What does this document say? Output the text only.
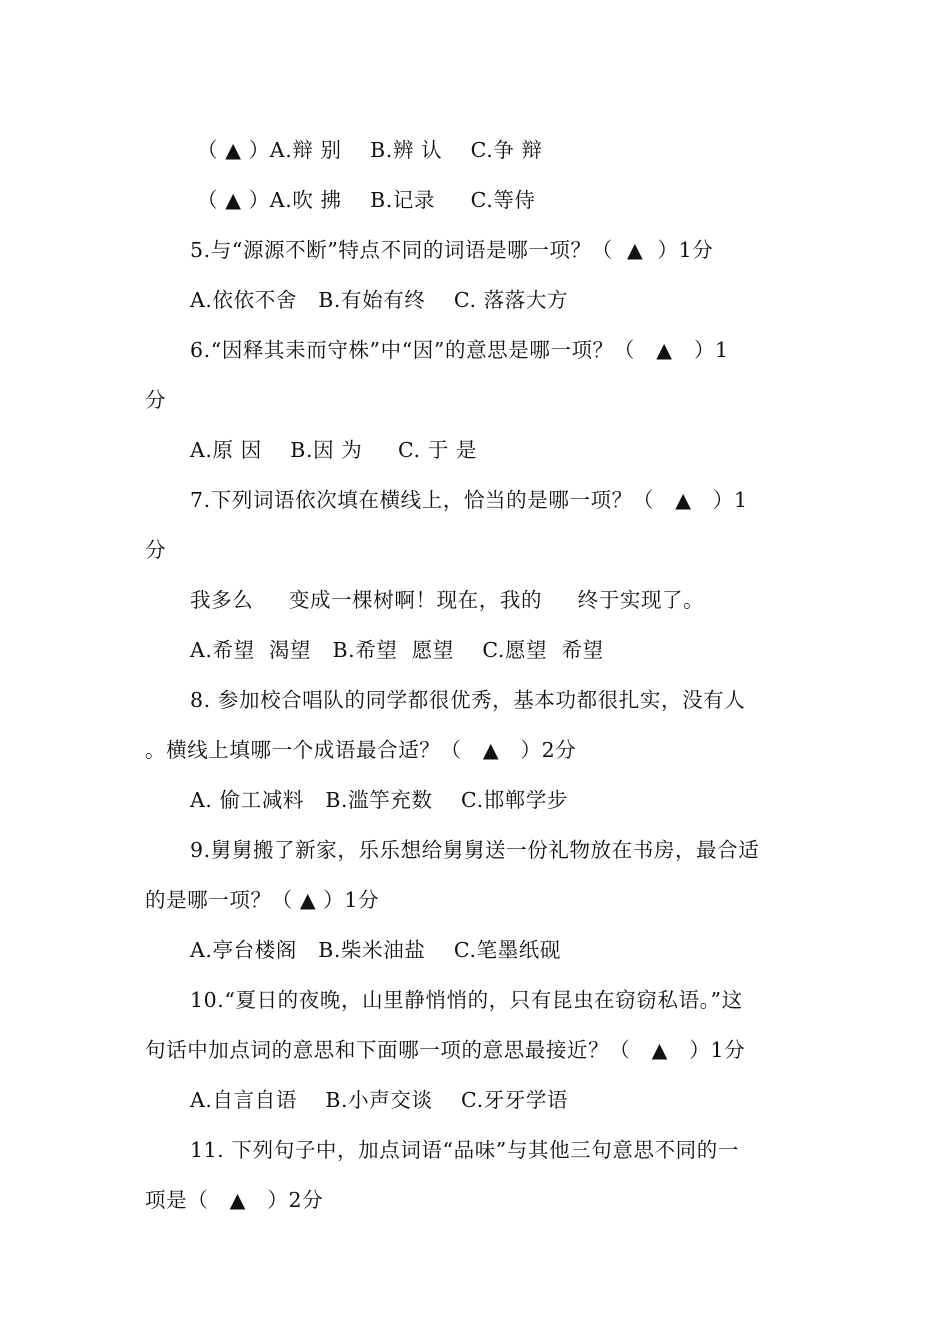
（ ▲ ）A.辩 别    B.辨 认    C.争 辩
（ ▲ ）A.吹 拂    B.记录     C.等侍
5.与“源源不断”特点不同的词语是哪一项？（  ▲  ）1分
A.依依不舍   B.有始有终    C. 落落大方
6.“因释其耒而守株”中“因”的意思是哪一项？（   ▲   ）1
分
A.原 因    B.因 为     C. 于 是
7.下列词语依次填在横线上，恰当的是哪一项？（   ▲   ）1
分
我多么     变成一棵树啊！现在，我的     终于实现了。
A.希望  渴望   B.希望  愿望    C.愿望  希望
8. 参加校合唱队的同学都很优秀，基本功都很扎实，没有人
。横线上填哪一个成语最合适？（   ▲   ）2分
A. 偷工减料   B.滥竽充数    C.邯郸学步
9.舅舅搬了新家，乐乐想给舅舅送一份礼物放在书房，最合适
的是哪一项？（ ▲ ）1分
A.亭台楼阁   B.柴米油盐    C.笔墨纸砚
10.“夏日的夜晚，山里静悄悄的，只有昆虫在窃窃私语。”这
句话中加点词的意思和下面哪一项的意思最接近？（   ▲   ）1分
A.自言自语    B.小声交谈    C.牙牙学语
11. 下列句子中，加点词语“品味”与其他三句意思不同的一
项是（   ▲   ）2分
